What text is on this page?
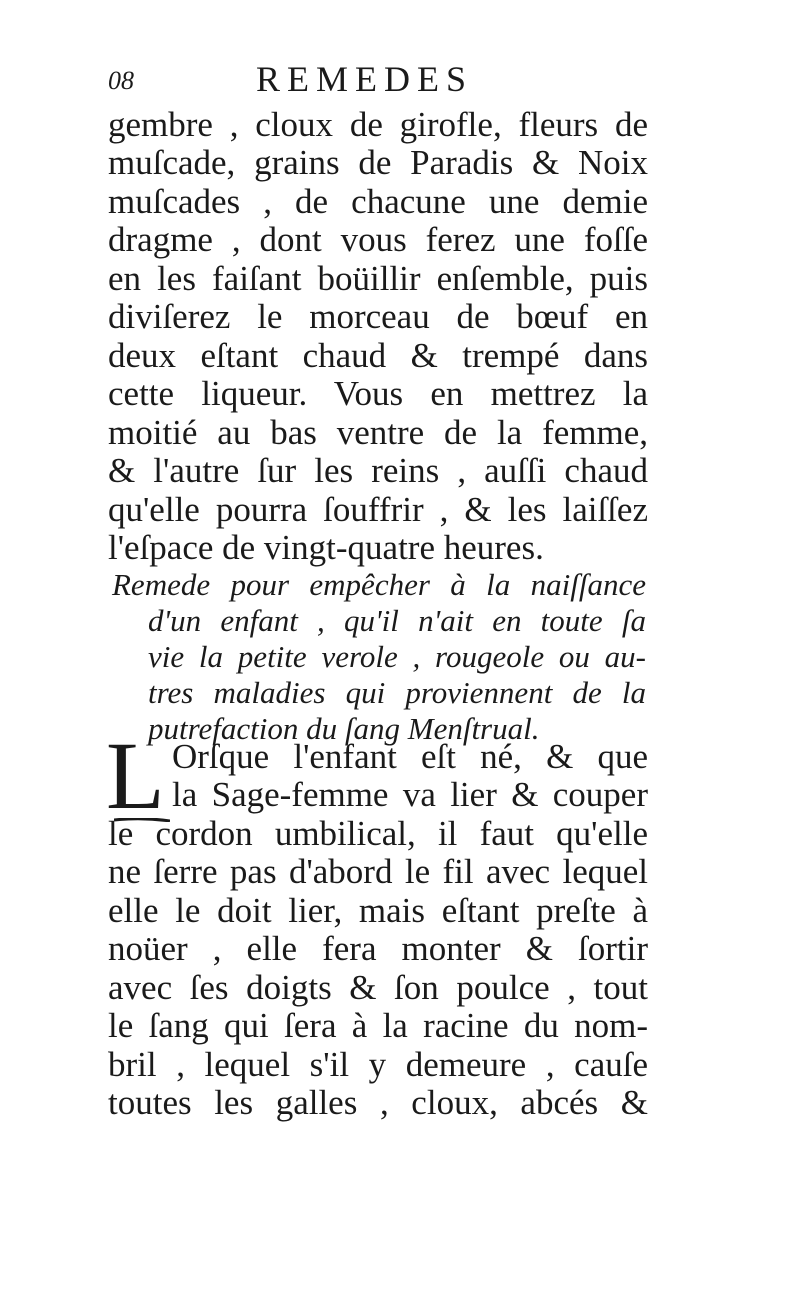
08	REMEDES
gembre , cloux de girofle, fleurs de
muſcade, grains de Paradis & Noix
muſcades , de chacune une demie
dragme , dont vous ferez une foſſe
en les faiſant boüillir enſemble, puis
diviſerez le morceau de bœuf en
deux eſtant chaud & trempé dans
cette liqueur. Vous en mettrez la
moitié au bas ventre de la femme,
& l'autre ſur les reins , auſſi chaud
qu'elle pourra ſouffrir , & les laiſſez
l'eſpace de vingt-quatre heures.
Remede pour empêcher à la naiſſance
d'un enfant , qu'il n'ait en toute ſa
vie la petite verole , rougeole ou au-
tres maladies qui proviennent de la
putrefaction du ſang Menſtrual.
L Orſque l'enfant eſt né, & que
la Sage-femme va lier & couper
le cordon umbilical, il faut qu'elle
ne ſerre pas d'abord le fil avec lequel
elle le doit lier, mais eſtant preſte à
noüer , elle fera monter & ſortir
avec ſes doigts & ſon poulce , tout
le ſang qui ſera à la racine du nom-
bril , lequel s'il y demeure , cauſe
toutes les galles , cloux, abcés &
